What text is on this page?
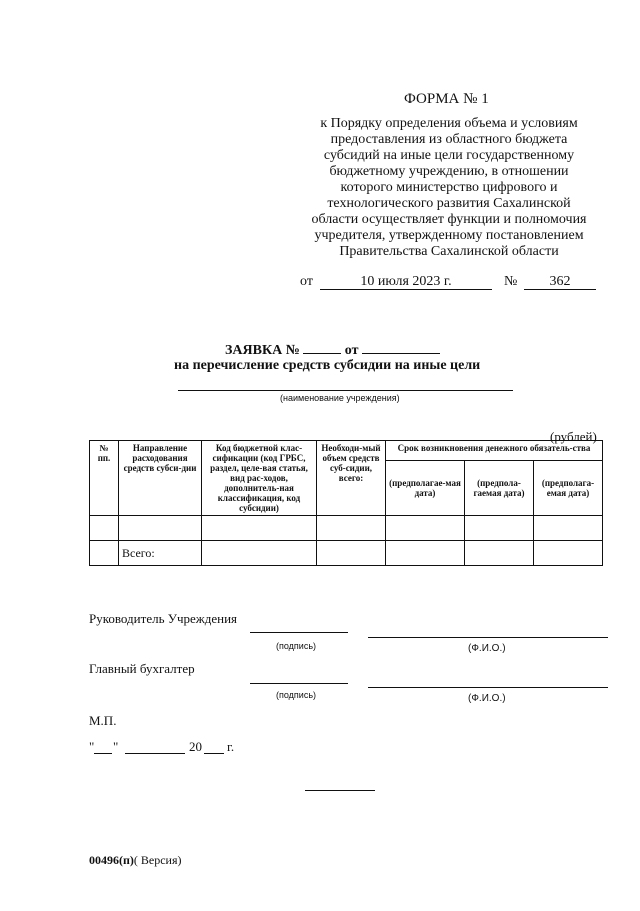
ФОРМА № 1
к Порядку определения объема и условиям
предоставления из областного бюджета
субсидий на иные цели государственному
бюджетному учреждению, в отношении
которого министерство цифрового и
технологического развития Сахалинской
области осуществляет функции и полномочия
учредителя, утвержденному постановлением
Правительства Сахалинской области
от	10 июля 2023 г.	№	362
ЗАЯВКА №	от
на перечисление средств субсидии на иные цели
(наименование учреждения)
(рублей)
№ пп.	Направление расходования средств субси-дии	Код бюджетной клас-сификации (код ГРБС, раздел, целе-вая статья, вид рас-ходов, дополнитель-ная классификация, код субсидии)	Необходи-мый объем средств суб-сидии, всего:	Срок возникновения денежного обязатель-ства		
				(предполагае-мая дата)	(предпола-гаемая дата)	(предполага-емая дата)

	Всего:					
Руководитель Учреждения
(подпись)	(Ф.И.О.)
Главный бухгалтер
(подпись)	(Ф.И.О.)
М.П.
" "	20 г.
00496(п)( Версия)
